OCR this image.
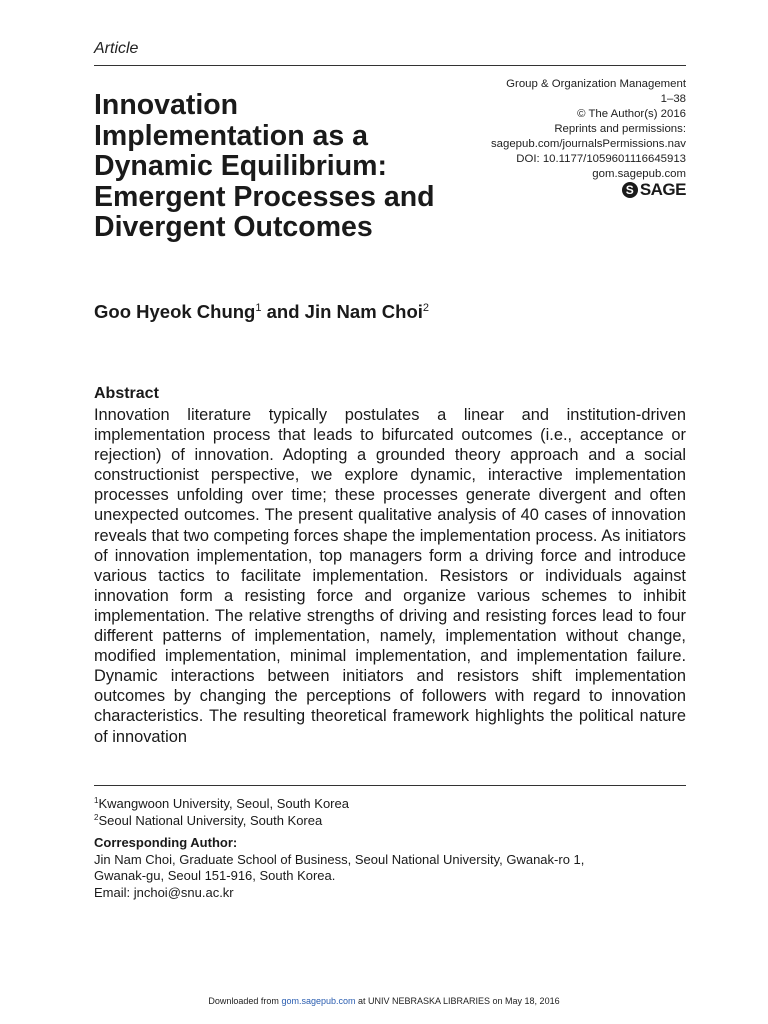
Article
Group & Organization Management
1–38
© The Author(s) 2016
Reprints and permissions:
sagepub.com/journalsPermissions.nav
DOI: 10.1177/1059601116645913
gom.sagepub.com
S SAGE
Innovation
Implementation as a
Dynamic Equilibrium:
Emergent Processes and
Divergent Outcomes
Goo Hyeok Chung$^1$ and Jin Nam Choi$^2$
Abstract
Innovation literature typically postulates a linear and institution-driven implementation process that leads to bifurcated outcomes (i.e., acceptance or rejection) of innovation. Adopting a grounded theory approach and a social constructionist perspective, we explore dynamic, interactive implementation processes unfolding over time; these processes generate divergent and often unexpected outcomes. The present qualitative analysis of 40 cases of innovation reveals that two competing forces shape the implementation process. As initiators of innovation implementation, top managers form a driving force and introduce various tactics to facilitate implementation. Resistors or individuals against innovation form a resisting force and organize various schemes to inhibit implementation. The relative strengths of driving and resisting forces lead to four different patterns of implementation, namely, implementation without change, modified implementation, minimal implementation, and implementation failure. Dynamic interactions between initiators and resistors shift implementation outcomes by changing the perceptions of followers with regard to innovation characteristics. The resulting theoretical framework highlights the political nature of innovation
$^1$Kwangwoon University, Seoul, South Korea
$^2$Seoul National University, South Korea
Corresponding Author:
Jin Nam Choi, Graduate School of Business, Seoul National University, Gwanak-ro 1,
Gwanak-gu, Seoul 151-916, South Korea.
Email: jnchoi@snu.ac.kr
Downloaded from gom.sagepub.com at UNIV NEBRASKA LIBRARIES on May 18, 2016
